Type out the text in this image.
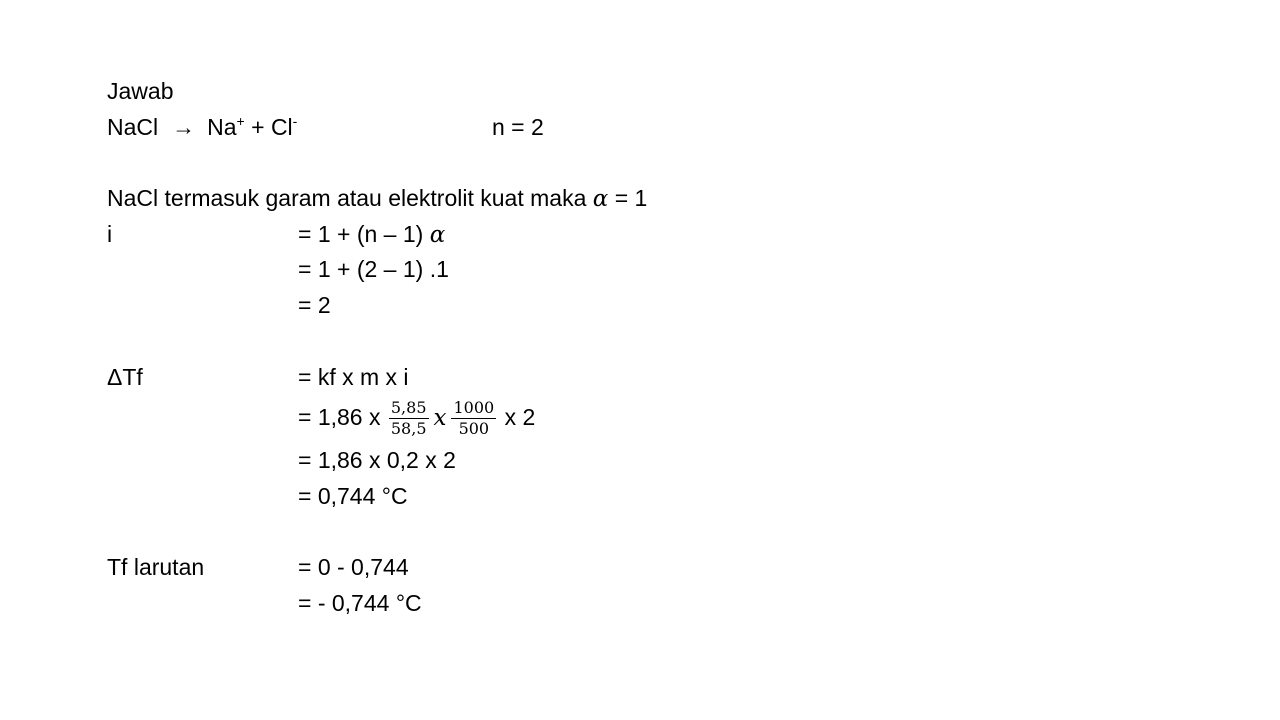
Jawab
NaCl → Na+ + Cl-	n = 2
NaCl termasuk garam atau elektrolit kuat maka α = 1
i	= 1 + (n – 1) α
= 1 + (2 – 1) .1
= 2
ΔTf	= kf x m x i
= 1,86 x $\frac{5,85}{58,5}$ x $\frac{1000}{500}$ x 2
= 1,86 x 0,2 x 2
= 0,744 °C
Tf larutan	= 0 - 0,744
= - 0,744 °C
